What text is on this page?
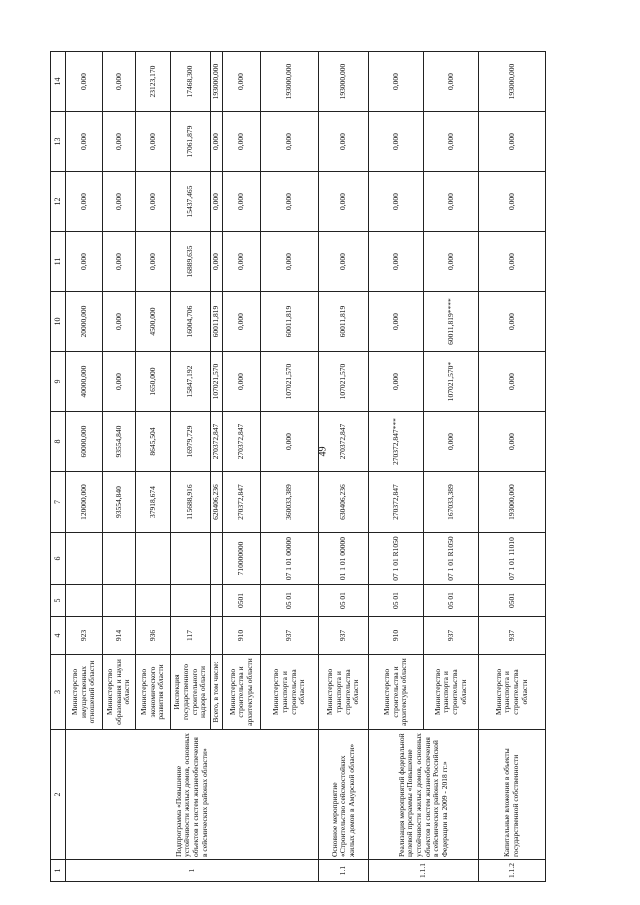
49
1	2	3	4	5	6	7	8	9	10	11	12	13	14
1	Подпрограмма «Повышение устойчивости жилых домов, основных объектов и систем жизнеобеспечения в сейсмических районах области»	Министерство имущественных отношений области	923			120000,000	60000,000	40000,000	20000,000	0,000	0,000	0,000	0,000
		Министерство образования и науки области	914			93554,840	93554,840	0,000	0,000	0,000	0,000	0,000	0,000
		Министерство экономического развития области	936			37918,674	8645,504	1650,000	4500,000	0,000	0,000	0,000	23123,170
		Инспекция государственного строительного надзора области	117			115688,916	16979,729	15847,192	16004,706	16889,635	15437,465	17061,879	17468,300
		Всего, в том числе:				620406,236	270372,847	107021,570	60011,819	0,000	0,000	0,000	193000,000
		Министерство строительства и архитектуры области	910	0501	710000000	270372,847	270372,847	0,000	0,000	0,000	0,000	0,000	0,000
		Министерство транспорта и строительства области	937	05 01	07 1 01 00000	360033,389	0,000	107021,570	60011,819	0,000	0,000	0,000	193000,000
1.1	Основное мероприятие «Строительство сейсмостойких жилых домов в Амурской области»	Министерство транспорта и строительства области	937	05 01	01 1 01 00000	630406,236	270372,847	107021,570	60011,819	0,000	0,000	0,000	193000,000
1.1.1	Реализация мероприятий федеральной целевой программы «Повышение устойчивости жилых домов, основных объектов и систем жизнеобеспечения в сейсмических районах Российской Федерации на 2009 - 2018 гг.»	Министерство строительства и архитектуры области	910	05 01	07 1 01 R1050	270372,847	270372,847***	0,000	0,000	0,000	0,000	0,000	0,000
		Министерство транспорта и строительства области	937	05 01	07 1 01 R1050	167033,389	0,000	107021,570*	60011,819****	0,000	0,000	0,000	0,000
1.1.2	Капитальные вложения в объекты государственной собственности	Министерство транспорта и строительства области	937	0501	07 1 01 11010	193000,000	0,000	0,000	0,000	0,000	0,000	0,000	193000,000
